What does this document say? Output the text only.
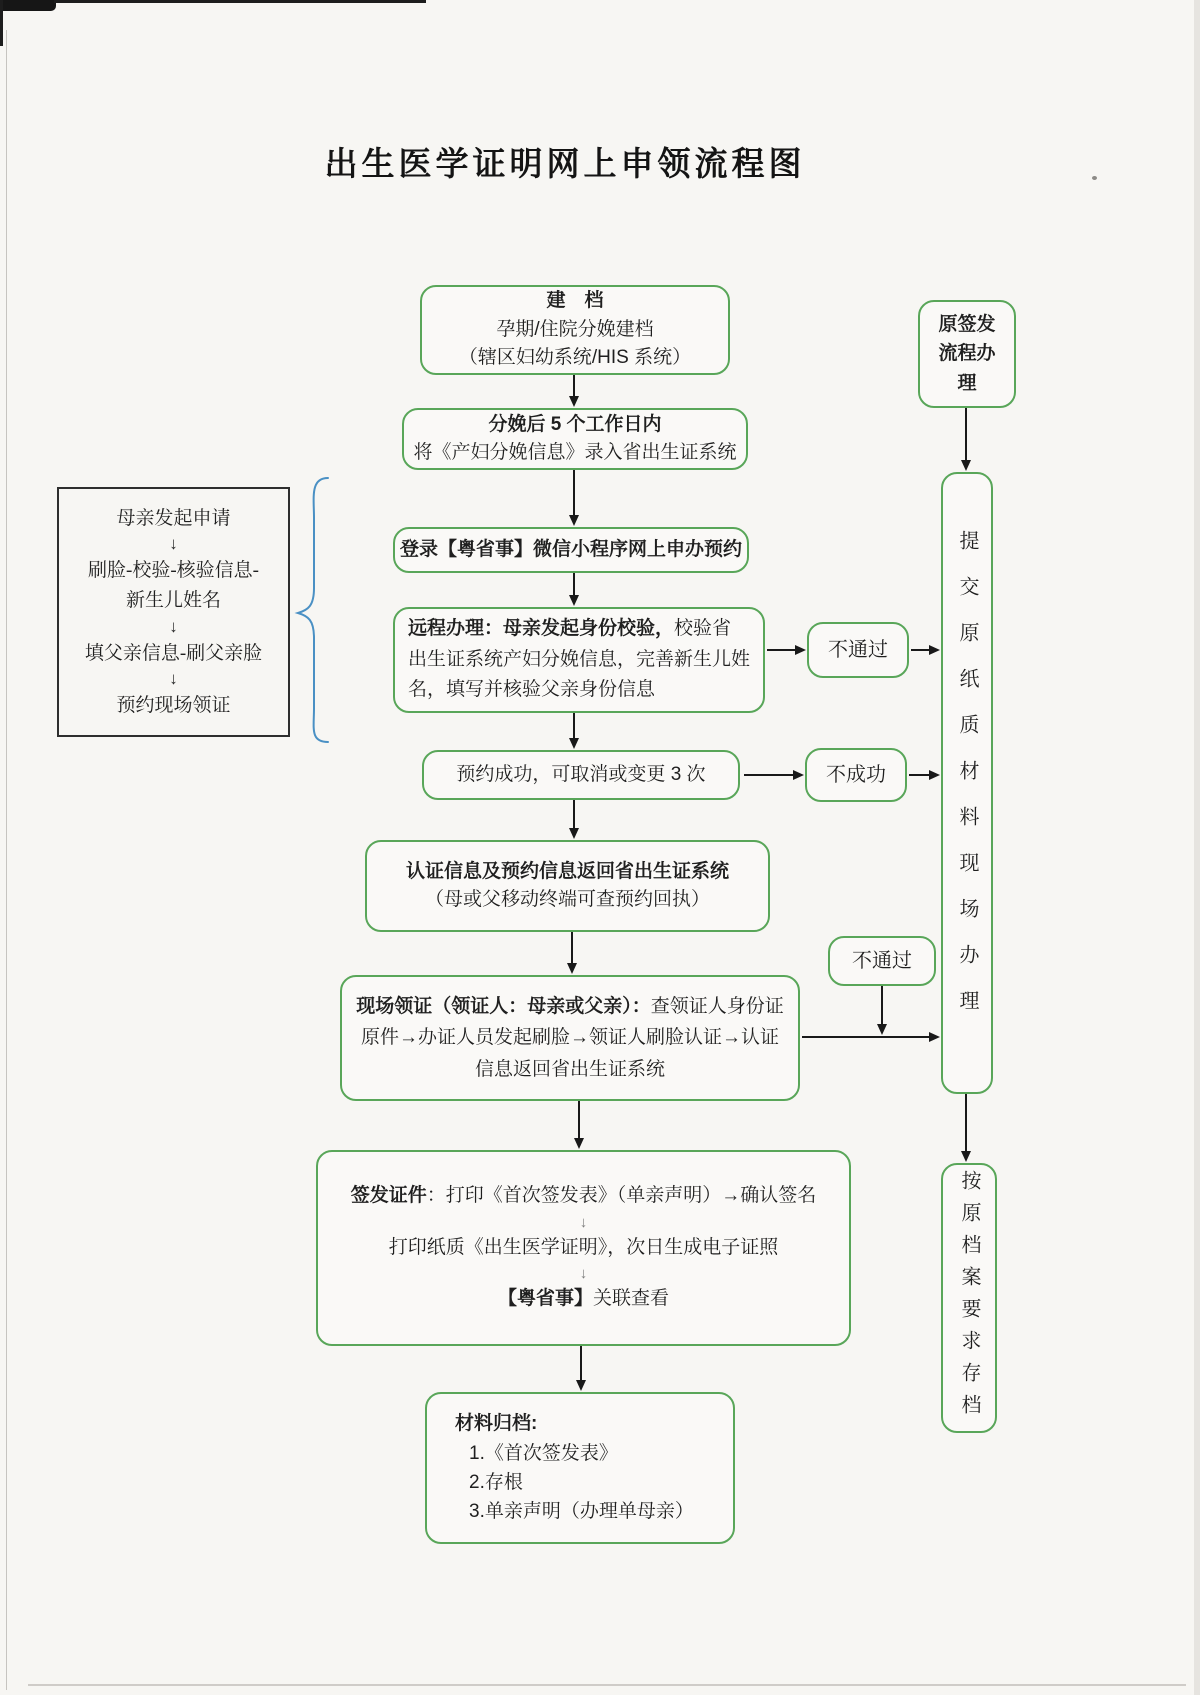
出生医学证明网上申领流程图
母亲发起申请
↓
刷脸-校验-核验信息-
新生儿姓名
↓
填父亲信息-刷父亲脸
↓
预约现场领证
建　档
孕期/住院分娩建档
（辖区妇幼系统/HIS 系统）
分娩后 5 个工作日内
将《产妇分娩信息》录入省出生证系统
登录【粤省事】微信小程序网上申办预约
远程办理：母亲发起身份校验，校验省出生证系统产妇分娩信息，完善新生儿姓名，填写并核验父亲身份信息
不通过
预约成功，可取消或变更 3 次	不成功
认证信息及预约信息返回省出生证系统
（母或父移动终端可查预约回执）
不通过
现场领证（领证人：母亲或父亲）：查领证人身份证原件→办证人员发起刷脸→领证人刷脸认证→认证信息返回省出生证系统
签发证件：打印《首次签发表》（单亲声明）→确认签名
↓
打印纸质《出生医学证明》，次日生成电子证照
↓
【粤省事】关联查看
材料归档:
1.《首次签发表》
2.存根
3.单亲声明（办理单母亲）
原签发
流程办
理
提交原纸质材料现场办理
按原档案要求存档
